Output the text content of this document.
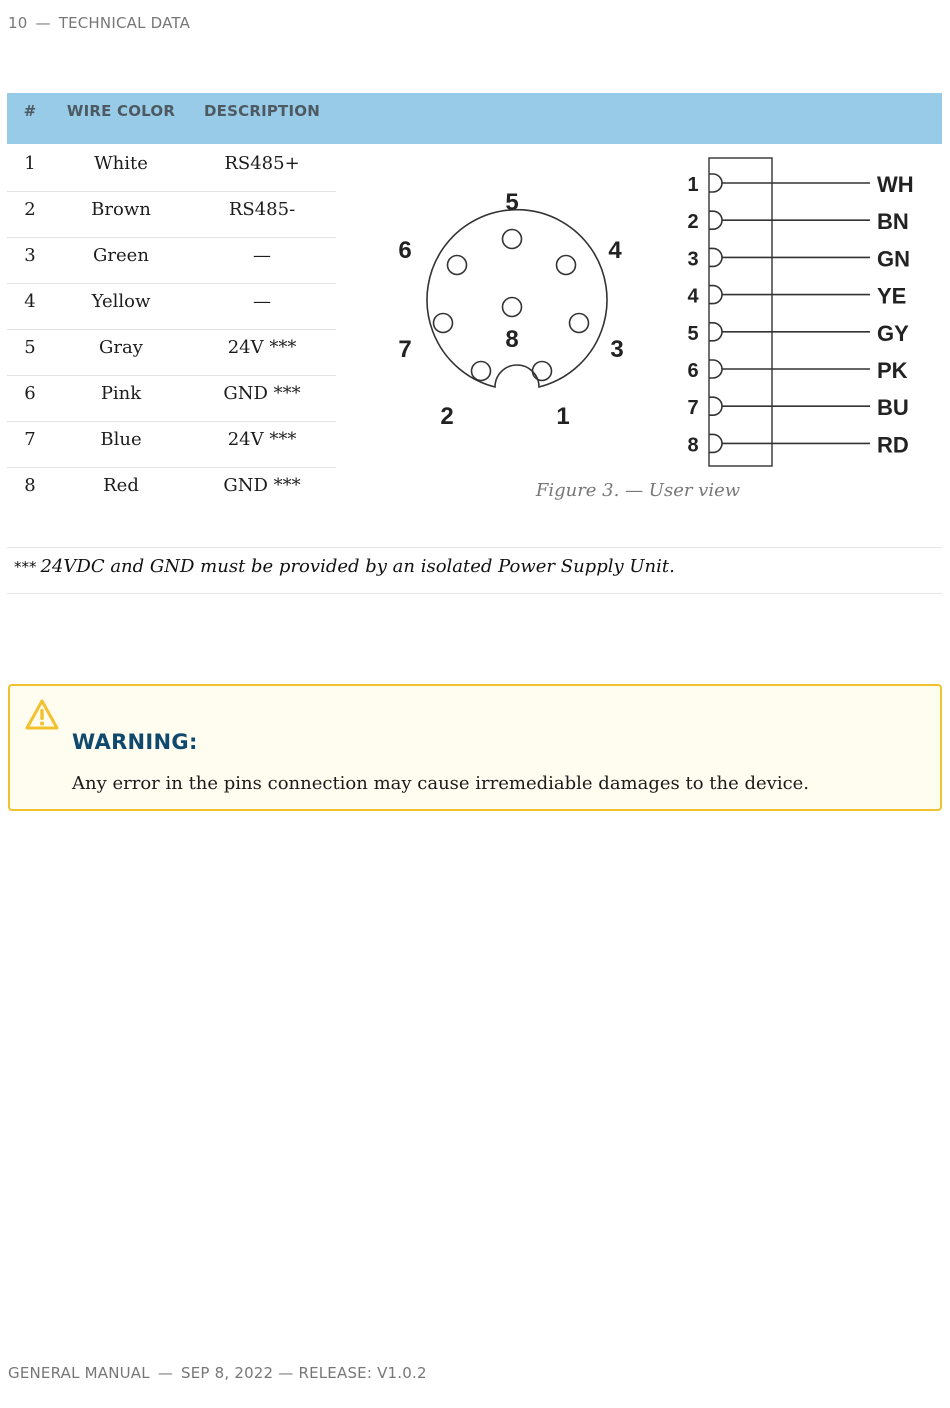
10 — TECHNICAL DATA
#	WIRE COLOR	DESCRIPTION
1	White	RS485+
2	Brown	RS485-
3	Green	—
4	Yellow	—
5	Gray	24V ***
6	Pink	GND ***
7	Blue	24V ***
8	Red	GND ***
5
6	4
8
7	3
2	1
1	WH
2	BN
3	GN
4	YE
5	GY
6	PK
7	BU
8	RD
Figure 3. — User view
*** 24VDC and GND must be provided by an isolated Power Supply Unit.
WARNING:
Any error in the pins connection may cause irremediable damages to the device.
GENERAL MANUAL — SEP 8, 2022 — RELEASE: V1.0.2
